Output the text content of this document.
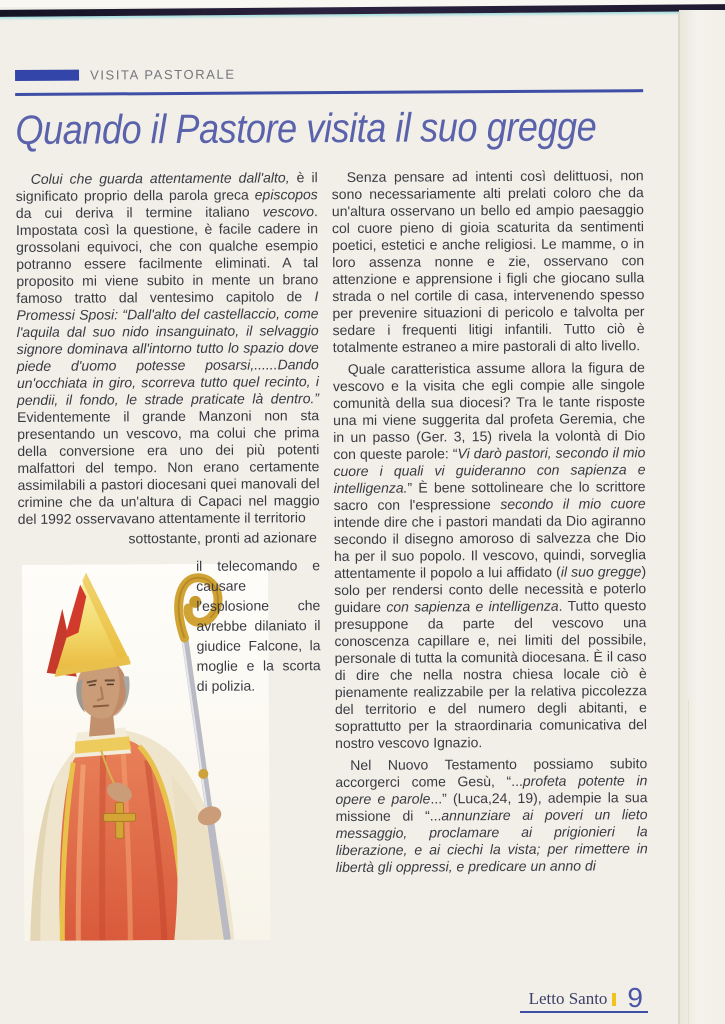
VISITA PASTORALE
Quando il Pastore visita il suo gregge

Colui che guarda attentamente dall'alto, è il significato proprio della parola greca episcopos da cui deriva il termine italiano vescovo. Impostata così la questione, è facile cadere in grossolani equivoci, che con qualche esempio potranno essere facilmente eliminati. A tal proposito mi viene subito in mente un brano famoso tratto dal ventesimo capitolo de I Promessi Sposi: “Dall'alto del castellaccio, come l'aquila dal suo nido insanguinato, il selvaggio signore dominava all'intorno tutto lo spazio dove piede d'uomo potesse posarsi,......Dando un'occhiata in giro, scorreva tutto quel recinto, i pendii, il fondo, le strade praticate là dentro.” Evidentemente il grande Manzoni non sta presentando un vescovo, ma colui che prima della conversione era uno dei più potenti malfattori del tempo. Non erano certamente assimilabili a pastori diocesani quei manovali del crimine che da un'altura di Capaci nel maggio del 1992 osservavano attentamente il territorio

sottostante, pronti ad azionare
il telecomando e causare l'esplosione che avrebbe dilaniato il giudice Falcone, la moglie e la scorta di polizia.

Senza pensare ad intenti così delittuosi, non sono necessariamente alti prelati coloro che da un'altura osservano un bello ed ampio paesaggio col cuore pieno di gioia scaturita da sentimenti poetici, estetici e anche religiosi. Le mamme, o in loro assenza nonne e zie, osservano con attenzione e apprensione i figli che giocano sulla strada o nel cortile di casa, intervenendo spesso per prevenire situazioni di pericolo e talvolta per sedare i frequenti litigi infantili. Tutto ciò è totalmente estraneo a mire pastorali di alto livello.

Quale caratteristica assume allora la figura de vescovo e la visita che egli compie alle singole comunità della sua diocesi? Tra le tante risposte una mi viene suggerita dal profeta Geremia, che in un passo (Ger. 3, 15) rivela la volontà di Dio con queste parole: “Vi darò pastori, secondo il mio cuore i quali vi guideranno con sapienza e intelligenza.” È bene sottolineare che lo scrittore sacro con l'espressione secondo il mio cuore intende dire che i pastori mandati da Dio agiranno secondo il disegno amoroso di salvezza che Dio ha per il suo popolo. Il vescovo, quindi, sorveglia attentamente il popolo a lui affidato (il suo gregge) solo per rendersi conto delle necessità e poterlo guidare con sapienza e intelligenza. Tutto questo presuppone da parte del vescovo una conoscenza capillare e, nei limiti del possibile, personale di tutta la comunità diocesana. È il caso di dire che nella nostra chiesa locale ciò è pienamente realizzabile per la relativa piccolezza del territorio e del numero degli abitanti, e soprattutto per la straordinaria comunicativa del nostro vescovo Ignazio.

Nel Nuovo Testamento possiamo subito accorgerci come Gesù, “...profeta potente in opere e parole...” (Luca,24, 19), adempie la sua missione di “...annunziare ai poveri un lieto messaggio, proclamare ai prigionieri la liberazione, e ai ciechi la vista; per rimettere in libertà gli oppressi, e predicare un anno di

Letto Santo 9
